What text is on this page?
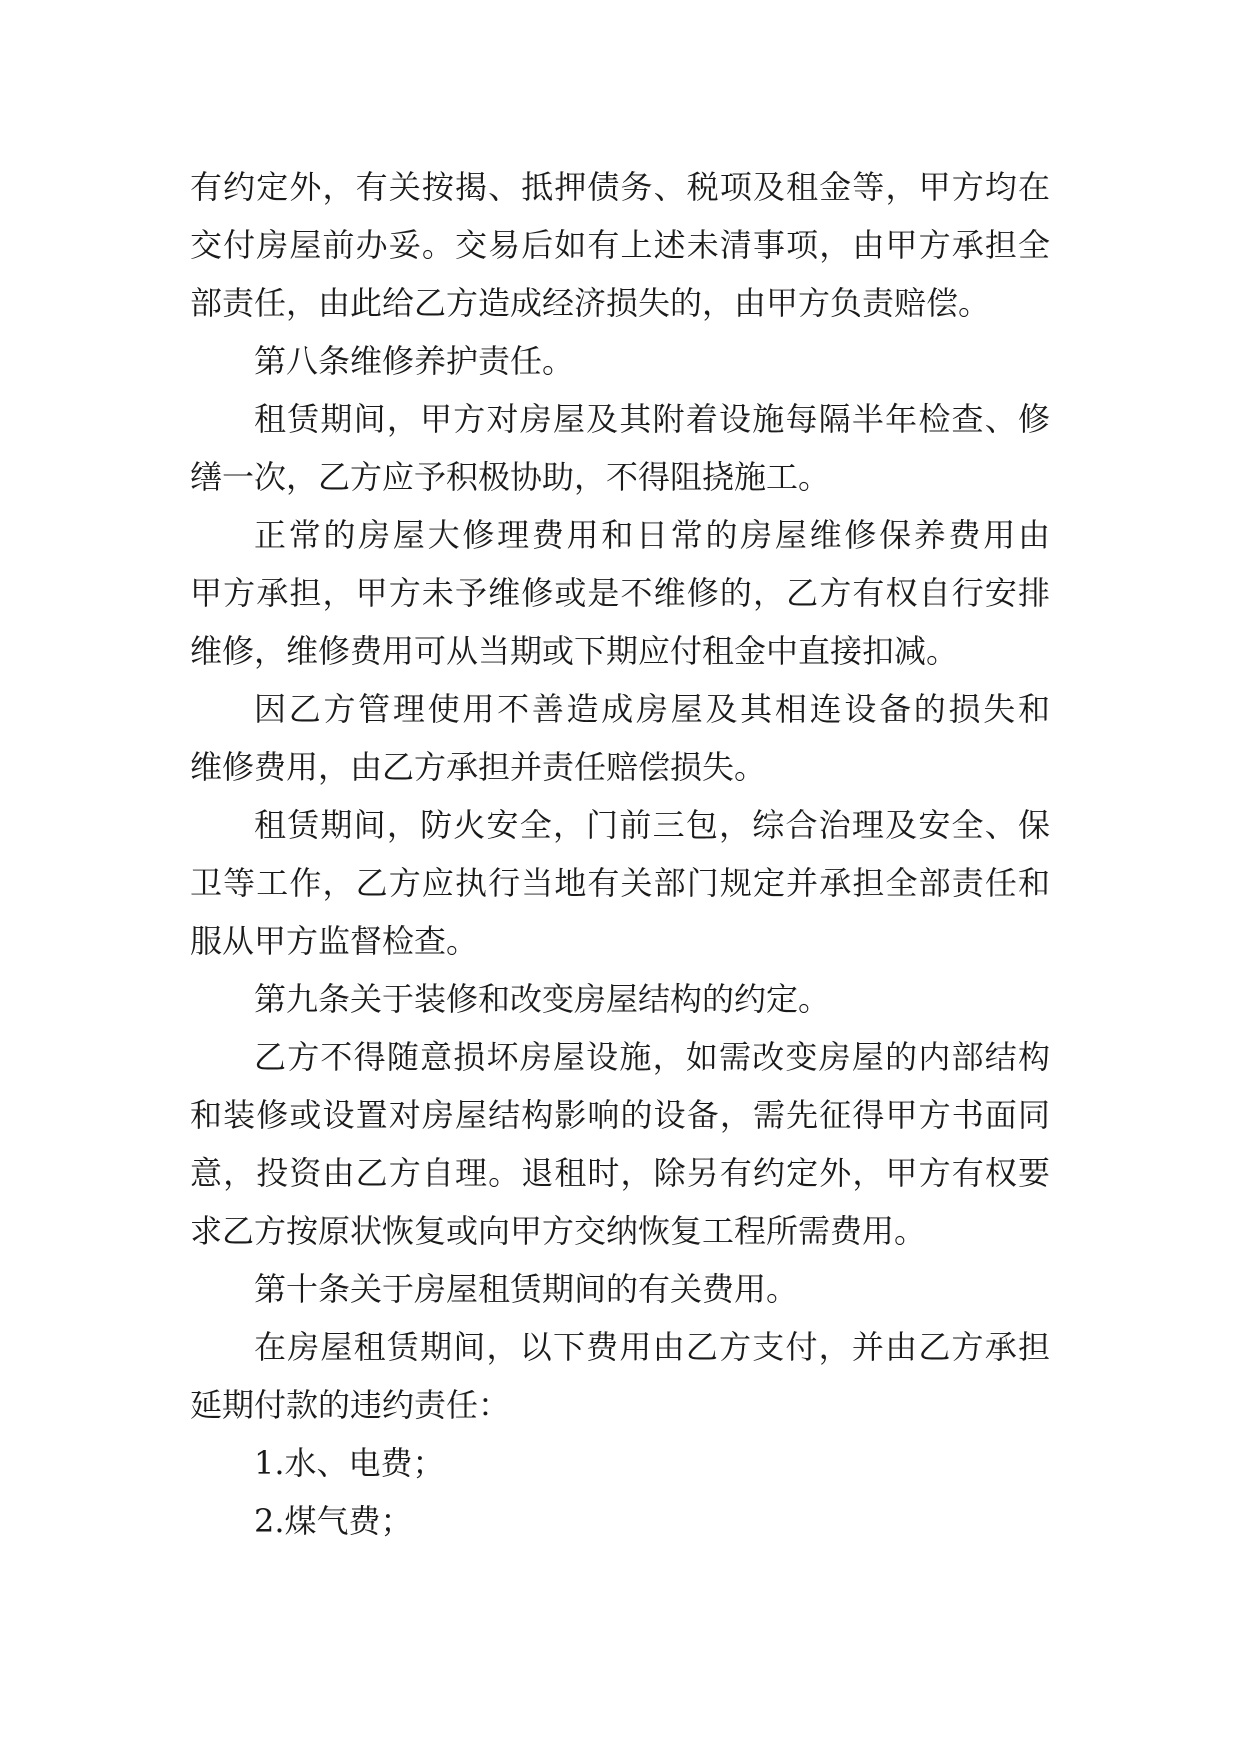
有约定外，有关按揭、抵押债务、税项及租金等，甲方均在
交付房屋前办妥。交易后如有上述未清事项，由甲方承担全
部责任，由此给乙方造成经济损失的，由甲方负责赔偿。
第八条维修养护责任。
租赁期间，甲方对房屋及其附着设施每隔半年检查、修
缮一次，乙方应予积极协助，不得阻挠施工。
正常的房屋大修理费用和日常的房屋维修保养费用由
甲方承担，甲方未予维修或是不维修的，乙方有权自行安排
维修，维修费用可从当期或下期应付租金中直接扣减。
因乙方管理使用不善造成房屋及其相连设备的损失和
维修费用，由乙方承担并责任赔偿损失。
租赁期间，防火安全，门前三包，综合治理及安全、保
卫等工作，乙方应执行当地有关部门规定并承担全部责任和
服从甲方监督检查。
第九条关于装修和改变房屋结构的约定。
乙方不得随意损坏房屋设施，如需改变房屋的内部结构
和装修或设置对房屋结构影响的设备，需先征得甲方书面同
意，投资由乙方自理。退租时，除另有约定外，甲方有权要
求乙方按原状恢复或向甲方交纳恢复工程所需费用。
第十条关于房屋租赁期间的有关费用。
在房屋租赁期间，以下费用由乙方支付，并由乙方承担
延期付款的违约责任：
1.水、电费；
2.煤气费；
